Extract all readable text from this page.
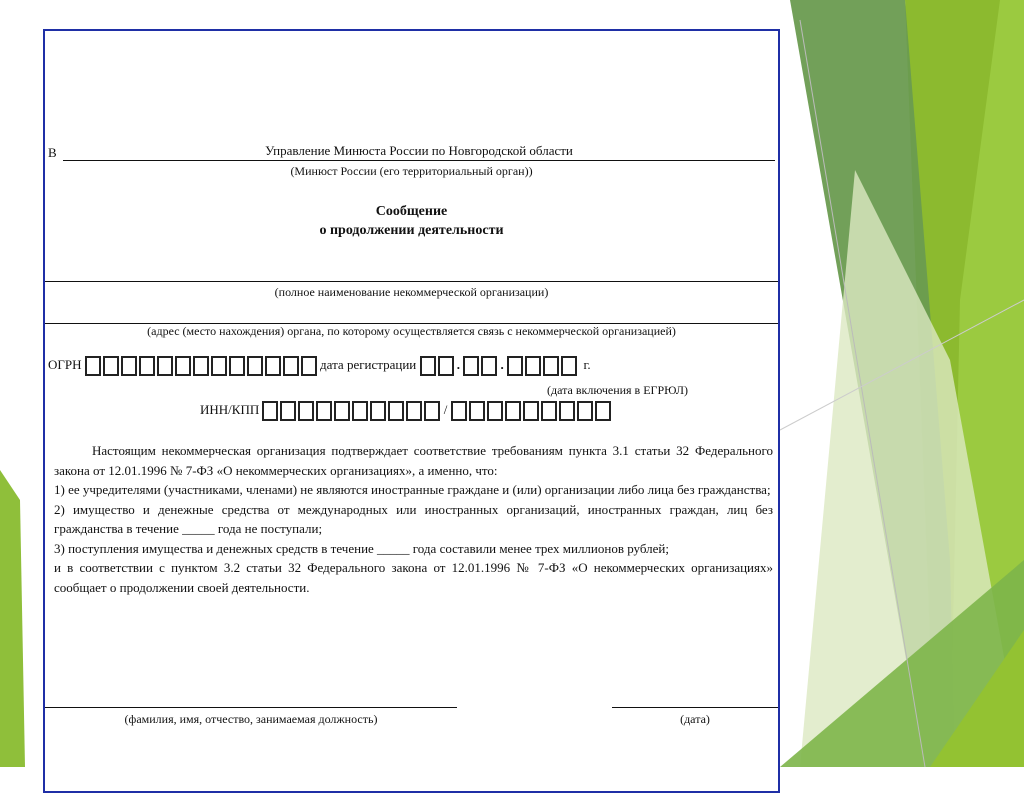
В	Управление Минюста России по Новгородской области
(Минюст России (его территориальный орган))
Сообщение
о продолжении деятельности
(полное наименование некоммерческой организации)
(адрес (место нахождения) органа, по которому осуществляется связь с некоммерческой организацией)
ОГРН	дата регистрации	.	.	г.
(дата включения в ЕГРЮЛ)
ИНН/КПП	/
Настоящим некоммерческая организация подтверждает соответствие требованиям пункта 3.1 статьи 32 Федерального закона от 12.01.1996 № 7-ФЗ «О некоммерческих организациях», а именно, что:
1) ее учредителями (участниками, членами) не являются иностранные граждане и (или) организации либо лица без гражданства;
2) имущество и денежные средства от международных или иностранных организаций, иностранных граждан, лиц без гражданства в течение _____ года не поступали;
3) поступления имущества и денежных средств в течение _____ года составили менее трех миллионов рублей;
и в соответствии с пунктом 3.2 статьи 32 Федерального закона от 12.01.1996 № 7-ФЗ «О некоммерческих организациях» сообщает о продолжении своей деятельности.
(фамилия, имя, отчество, занимаемая должность)	(дата)
